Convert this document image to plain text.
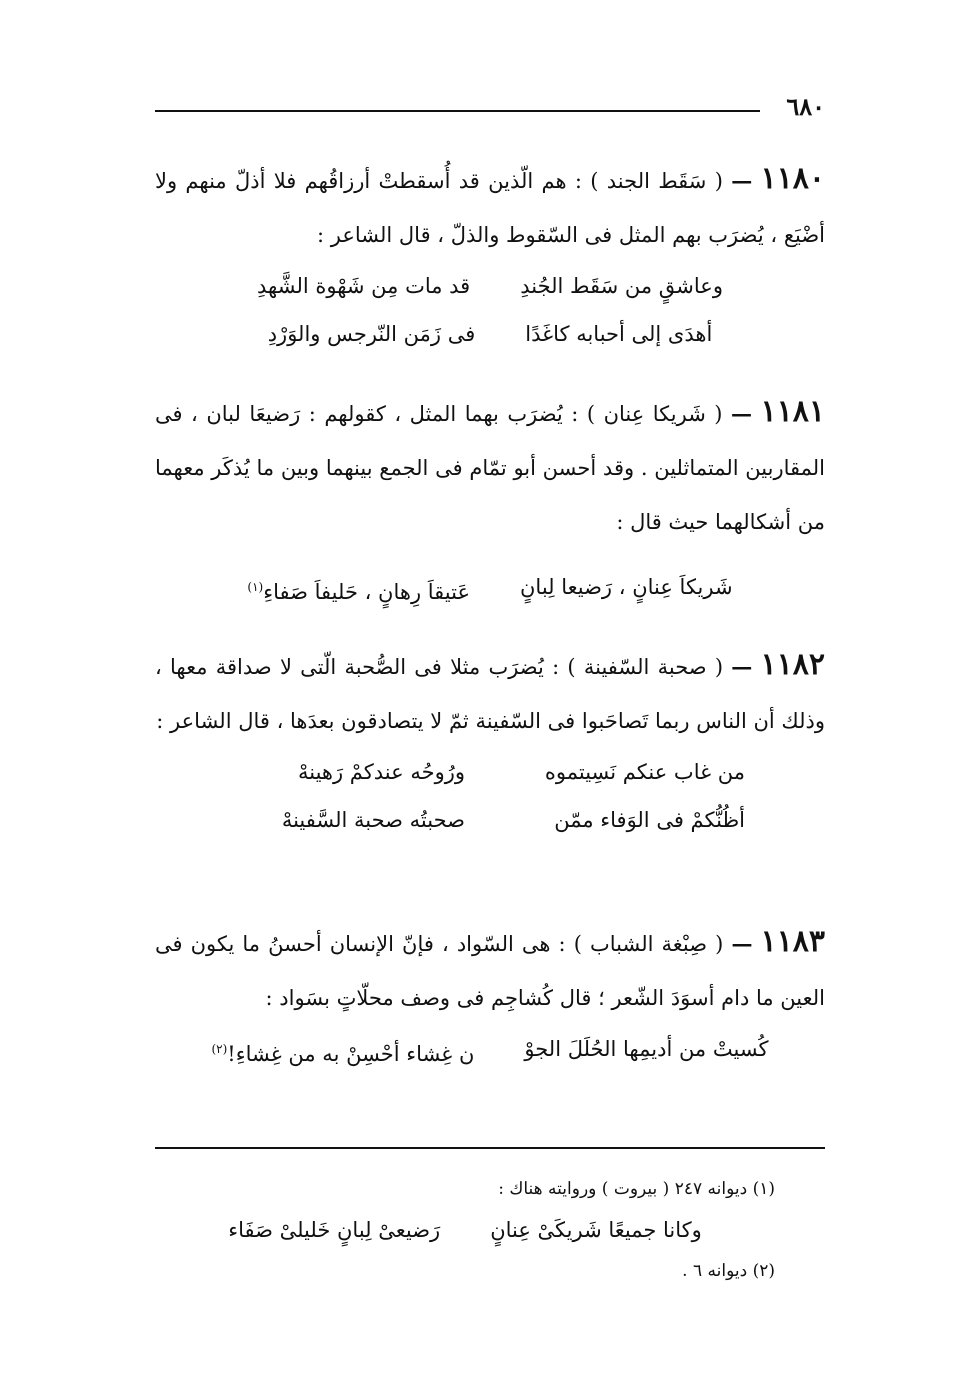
٦٨٠

١١٨٠ — ( سَقَط الجند ) : هم الّذين قد أُسقطتْ أرزاقُهم فلا أذلّ منهم ولا أضْيَع ، يُضرَب بهم المثل فى السّقوط والذلّ ، قال الشاعر :

وعاشقٍ من سَقَط الجُندِ
قد مات مِن شَهْوة الشَّهدِ
أهدَى إلى أحبابه كاغَدًا
فى زَمَن النّرجس والوَرْدِ

١١٨١ — ( شَريكا عِنان ) : يُضرَب بهما المثل ، كقولهم : رَضيعَا لبان ، فى المقاربين المتماثلين . وقد أحسن أبو تمّام فى الجمع بينهما وبين ما يُذكَر معهما من أشكالهما حيث قال :

شَريكاَ عِنانٍ ، رَضيعا لِبانٍ
عَتيقاَ رِهانٍ ، حَليفاَ صَفاءِ$^{(١)}$

١١٨٢ — ( صحبة السّفينة ) : يُضرَب مثلا فى الصُّحبة الّتى لا صداقة معها ، وذلك أن الناس ربما تَصاحَبوا فى السّفينة ثمّ لا يتصادقون بعدَها ، قال الشاعر :

من غاب عنكم نَسِيتموه
ورُوحُه عندكمْ رَهينهْ
أظُنُّكمْ فى الوَفاء ممّن
صحبتُه صحبة السَّفينهْ

١١٨٣ — ( صِبْغة الشباب ) : هى السّواد ، فإنّ الإنسان أحسنُ ما يكون فى العين ما دام أسوَدَ الشّعر ؛ قال كُشاجِم فى وصف محلّاتٍ بسَواد :

كُسيتْ من أديمِها الحُلَلَ الجوْ
ن غِشاء أحْسِنْ به من غِشاءِ!$^{(٢)}$
(١) ديوانه ٢٤٧ ( بيروت ) وروايته هناك :
وكانا جميعًا شَريكَىْ عِنانٍ
رَضيعىْ لِبانٍ خَليلىْ صَفَاء
(٢) ديوانه ٦ .
